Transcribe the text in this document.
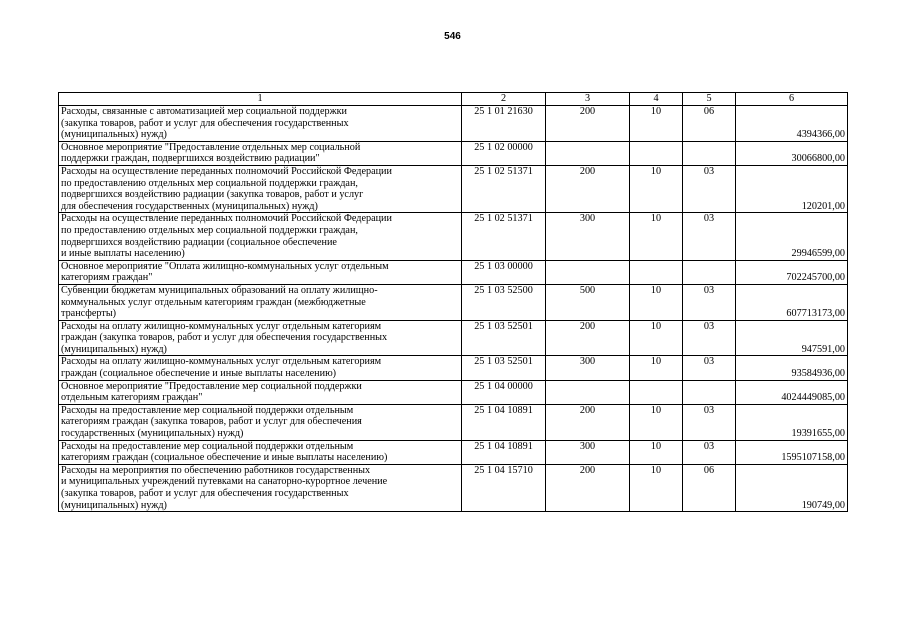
546
1	2	3	4	5	6
Расходы, связанные с автоматизацией мер социальной поддержки
(закупка товаров, работ и услуг для обеспечения государственных
(муниципальных) нужд)	25 1 01 21630	200	10	06	4394366,00
Основное мероприятие "Предоставление отдельных мер социальной
поддержки граждан, подвергшихся воздействию радиации"	25 1 02 00000				30066800,00
Расходы на осуществление переданных полномочий Российской Федерации
по предоставлению отдельных мер социальной поддержки граждан,
подвергшихся воздействию радиации (закупка товаров, работ и услуг
для обеспечения государственных (муниципальных) нужд)	25 1 02 51371	200	10	03	120201,00
Расходы на осуществление переданных полномочий Российской Федерации
по предоставлению отдельных мер социальной поддержки граждан,
подвергшихся воздействию радиации (социальное обеспечение
и иные выплаты населению)	25 1 02 51371	300	10	03	29946599,00
Основное мероприятие "Оплата жилищно-коммунальных услуг отдельным
категориям граждан"	25 1 03 00000				702245700,00
Субвенции бюджетам муниципальных образований на оплату жилищно-
коммунальных услуг отдельным категориям граждан (межбюджетные
трансферты)	25 1 03 52500	500	10	03	607713173,00
Расходы на оплату жилищно-коммунальных услуг отдельным категориям
граждан (закупка товаров, работ и услуг для обеспечения государственных
(муниципальных) нужд)	25 1 03 52501	200	10	03	947591,00
Расходы на оплату жилищно-коммунальных услуг отдельным категориям
граждан (социальное обеспечение и иные выплаты населению)	25 1 03 52501	300	10	03	93584936,00
Основное мероприятие "Предоставление мер социальной поддержки
отдельным категориям граждан"	25 1 04 00000				4024449085,00
Расходы на предоставление мер социальной поддержки отдельным
категориям граждан (закупка товаров, работ и услуг для обеспечения
государственных (муниципальных) нужд)	25 1 04 10891	200	10	03	19391655,00
Расходы на предоставление мер социальной поддержки отдельным
категориям граждан (социальное обеспечение и иные выплаты населению)	25 1 04 10891	300	10	03	1595107158,00
Расходы на мероприятия по обеспечению работников государственных
и муниципальных учреждений путевками на санаторно-курортное лечение
(закупка товаров, работ и услуг для обеспечения государственных
(муниципальных) нужд)	25 1 04 15710	200	10	06	190749,00
